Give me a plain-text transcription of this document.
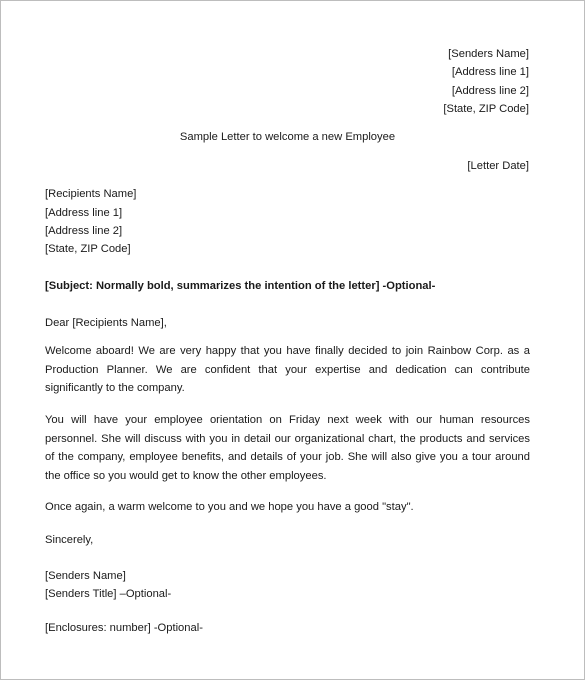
[Senders Name]
[Address line 1]
[Address line 2]
[State, ZIP Code]
Sample Letter to welcome a new Employee
[Letter Date]
[Recipients Name]
[Address line 1]
[Address line 2]
[State, ZIP Code]
[Subject: Normally bold, summarizes the intention of the letter] -Optional-
Dear [Recipients Name],
Welcome aboard! We are very happy that you have finally decided to join Rainbow Corp. as a Production Planner. We are confident that your expertise and dedication can contribute significantly to the company.
You will have your employee orientation on Friday next week with our human resources personnel. She will discuss with you in detail our organizational chart, the products and services of the company, employee benefits, and details of your job. She will also give you a tour around the office so you would get to know the other employees.
Once again, a warm welcome to you and we hope you have a good "stay".
Sincerely,
[Senders Name]
[Senders Title] –Optional-
[Enclosures: number] -Optional-
